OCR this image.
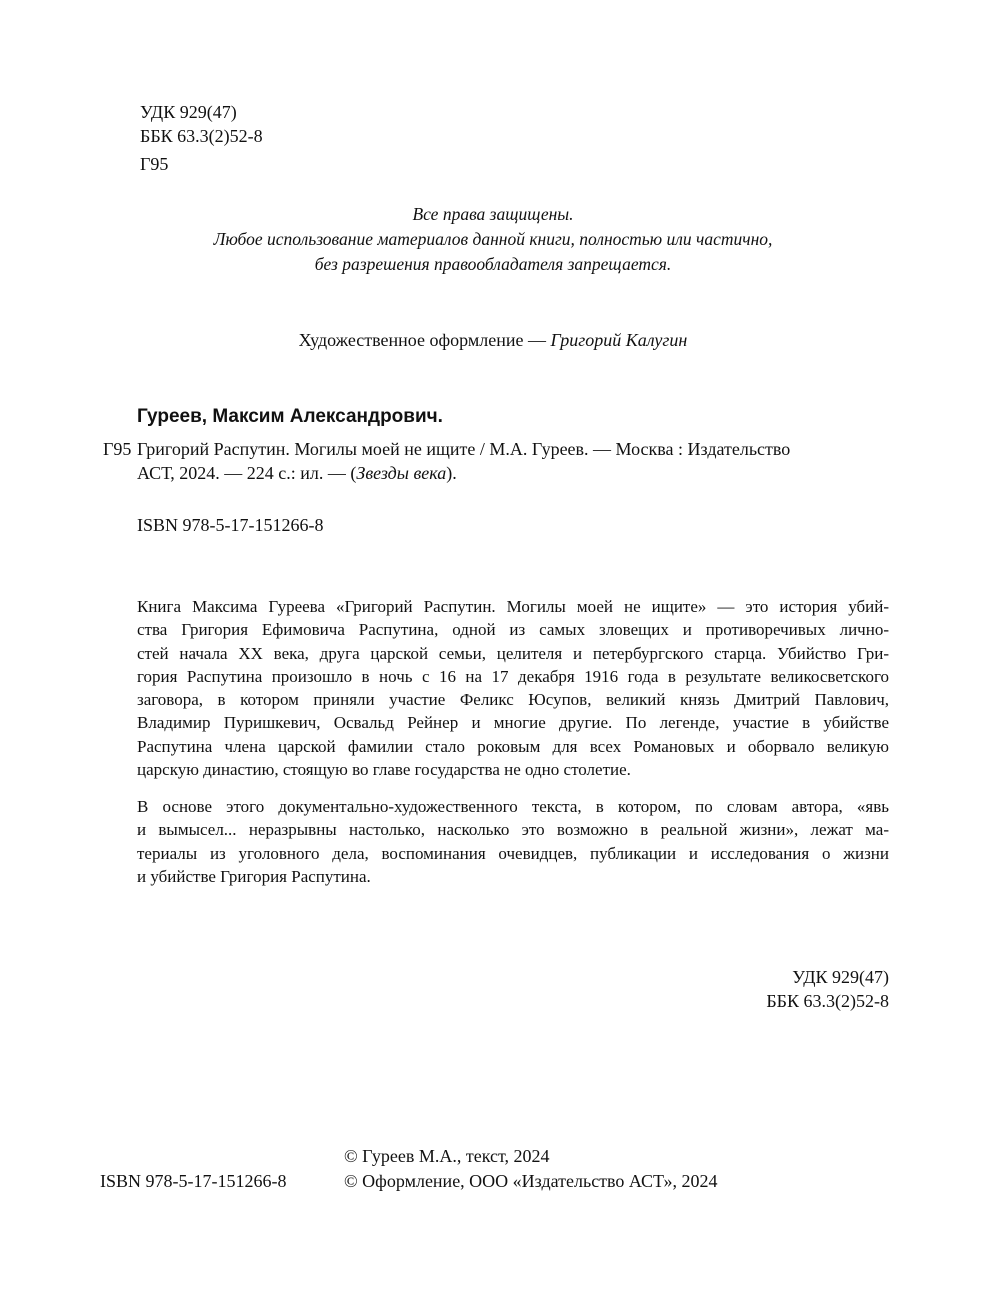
УДК 929(47)
ББК 63.3(2)52-8
Г95
Все права защищены.
Любое использование материалов данной книги, полностью или частично,
без разрешения правообладателя запрещается.
Художественное оформление — Григорий Калугин
Гуреев, Максим Александрович.
Г95 Григорий Распутин. Могилы моей не ищите / М.А. Гуреев. — Москва : Издательство
АСТ, 2024. — 224 с.: ил. — (Звезды века).
ISBN 978-5-17-151266-8
Книга Максима Гуреева «Григорий Распутин. Могилы моей не ищите» — это история убий-
ства Григория Ефимовича Распутина, одной из самых зловещих и противоречивых лично-
стей начала XX века, друга царской семьи, целителя и петербургского старца. Убийство Гри-
гория Распутина произошло в ночь с 16 на 17 декабря 1916 года в результате великосветского
заговора, в котором приняли участие Феликс Юсупов, великий князь Дмитрий Павлович,
Владимир Пуришкевич, Освальд Рейнер и многие другие. По легенде, участие в убийстве
Распутина члена царской фамилии стало роковым для всех Романовых и оборвало великую
царскую династию, стоящую во главе государства не одно столетие.
В основе этого документально-художественного текста, в котором, по словам автора, «явь
и вымысел... неразрывны настолько, насколько это возможно в реальной жизни», лежат ма-
териалы из уголовного дела, воспоминания очевидцев, публикации и исследования о жизни
и убийстве Григория Распутина.
УДК 929(47)
ББК 63.3(2)52-8
ISBN 978-5-17-151266-8
© Гуреев М.А., текст, 2024
© Оформление, ООО «Издательство АСТ», 2024
